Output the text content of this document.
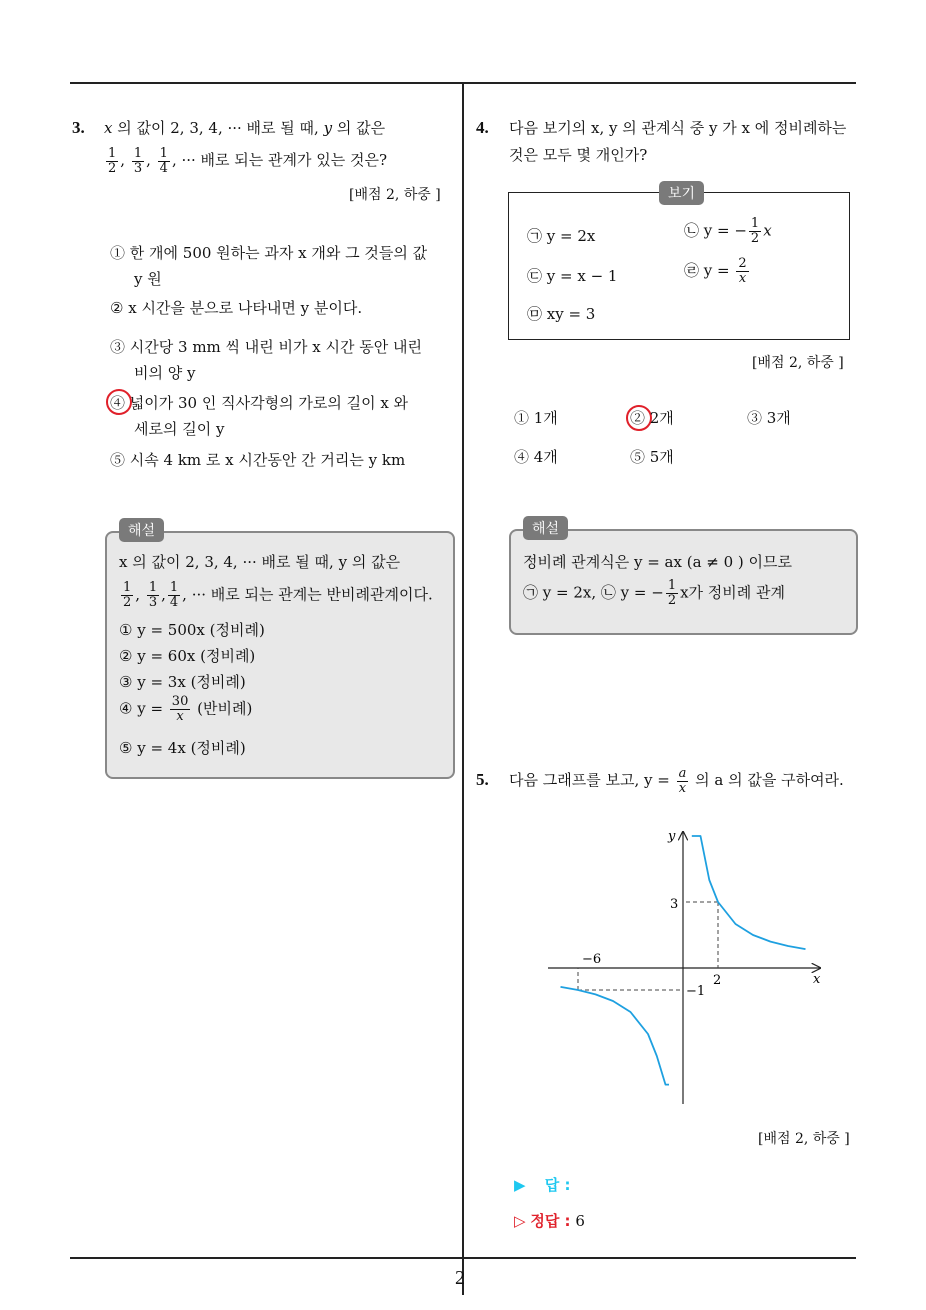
2
3. x 의 값이 2, 3, 4, ··· 배로 될 때, y 의 값은
$\frac{1}{2}$ , $\frac{1}{3}$ , $\frac{1}{4}$ , ··· 배로 되는 관계가 있는 것은?
[배점 2, 하중 ]
① 한 개에 500 원하는 과자 x 개와 그 것들의 값
y 원
② x 시간을 분으로 나타내면 y 분이다.
③ 시간당 3 mm 씩 내린 비가 x 시간 동안 내린
비의 양 y
④ 넓이가 30 인 직사각형의 가로의 길이 x 와
세로의 길이 y
⑤ 시속 4 km 로 x 시간동안 간 거리는 y km
x 의 값이 2, 3, 4, ··· 배로 될 때, y 의 값은
$\frac{1}{2}$ , $\frac{1}{3}$ , $\frac{1}{4}$ , ··· 배로 되는 관계는 반비례관계이다.
① y = 500x (정비례)
② y = 60x (정비례)
③ y = 3x (정비례)
④ $y = \frac{30}{x}$ (반비례)
⑤ y = 4x (정비례)
해설
4. 다음 보기의 x, y 의 관계식 중 y 가 x 에 정비례하는
것은 모두 몇 개인가?
㉠ y = 2x	㉡ y = − $\frac{1}{2}$ x
㉢ y = x − 1	㉣ $y = \frac{2}{x}$
㉤ xy = 3
보기
[배점 2, 하중 ]
① 1개	② 2개	③ 3개
④ 4개	⑤ 5개
정비례 관계식은 y = ax (a ≠ 0 ) 이므로
㉠ y = 2x, ㉡ y = − $\frac{1}{2}$ x가 정비례 관계
해설
5. 다음 그래프를 보고, $y = \frac{a}{x}$ 의 a 의 값을 구하여라.
x
y
3
−6
2
−1
[배점 2, 하중 ]
▶ 답 :
▷ 정답 : 6
